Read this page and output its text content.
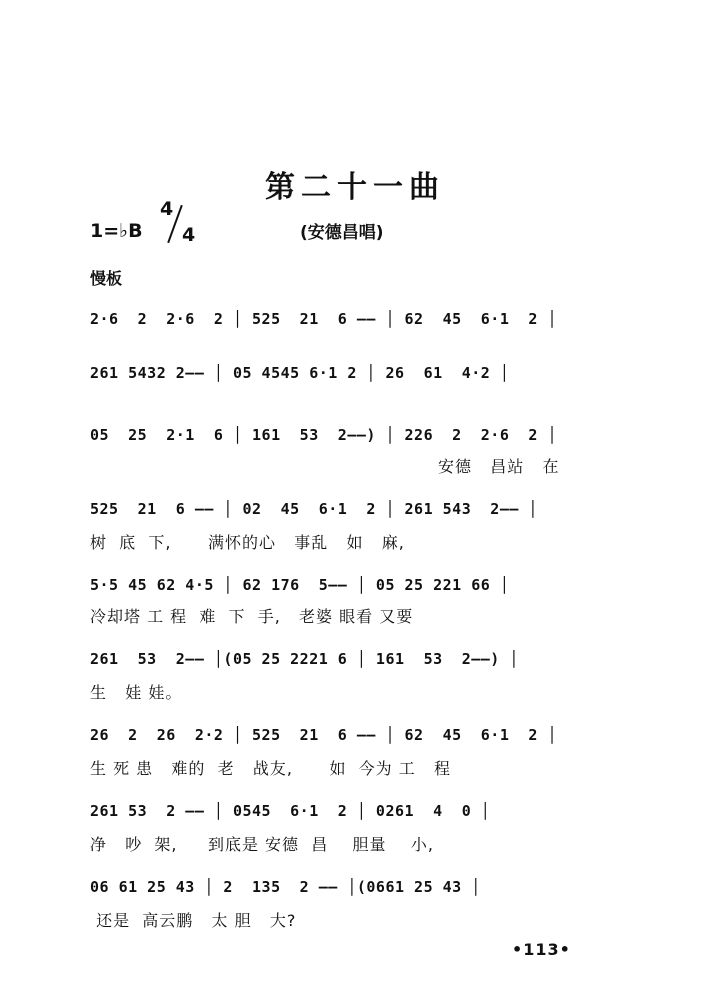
第二十一曲
1=♭B
4
4	(安德昌唱)
慢板
2·6  2  2·6  2 │ 525  21  6 —— │ 62  45  6·1  2 │
261 5432 2—— │ 05 4545 6·1 2 │ 26  61  4·2 │
05  25  2·1  6 │ 161  53  2——) │ 226  2  2·6  2 │
安德   昌站   在
525  21  6 —— │ 02  45  6·1  2 │ 261 543  2—— │
树  底  下,      满怀的心   事乱   如   麻,
5·5 45 62 4·5 │ 62 176  5—— │ 05 25 221 66 │
冷却塔 工 程  难  下  手,   老婆 眼看 又要
261  53  2—— │(05 25 2221 6 │ 161  53  2——) │
生   娃 娃。
26  2  26  2·2 │ 525  21  6 —— │ 62  45  6·1  2 │
生 死 患   难的  老   战友,      如  今为 工   程
261 53  2 —— │ 0545  6·1  2 │ 0261  4  0 │
净   吵  架,     到底是 安德  昌    胆量    小,
06 61 25 43 │ 2  135  2 —— │(0661 25 43 │
还是  高云鹏   太 胆   大?
•113•
